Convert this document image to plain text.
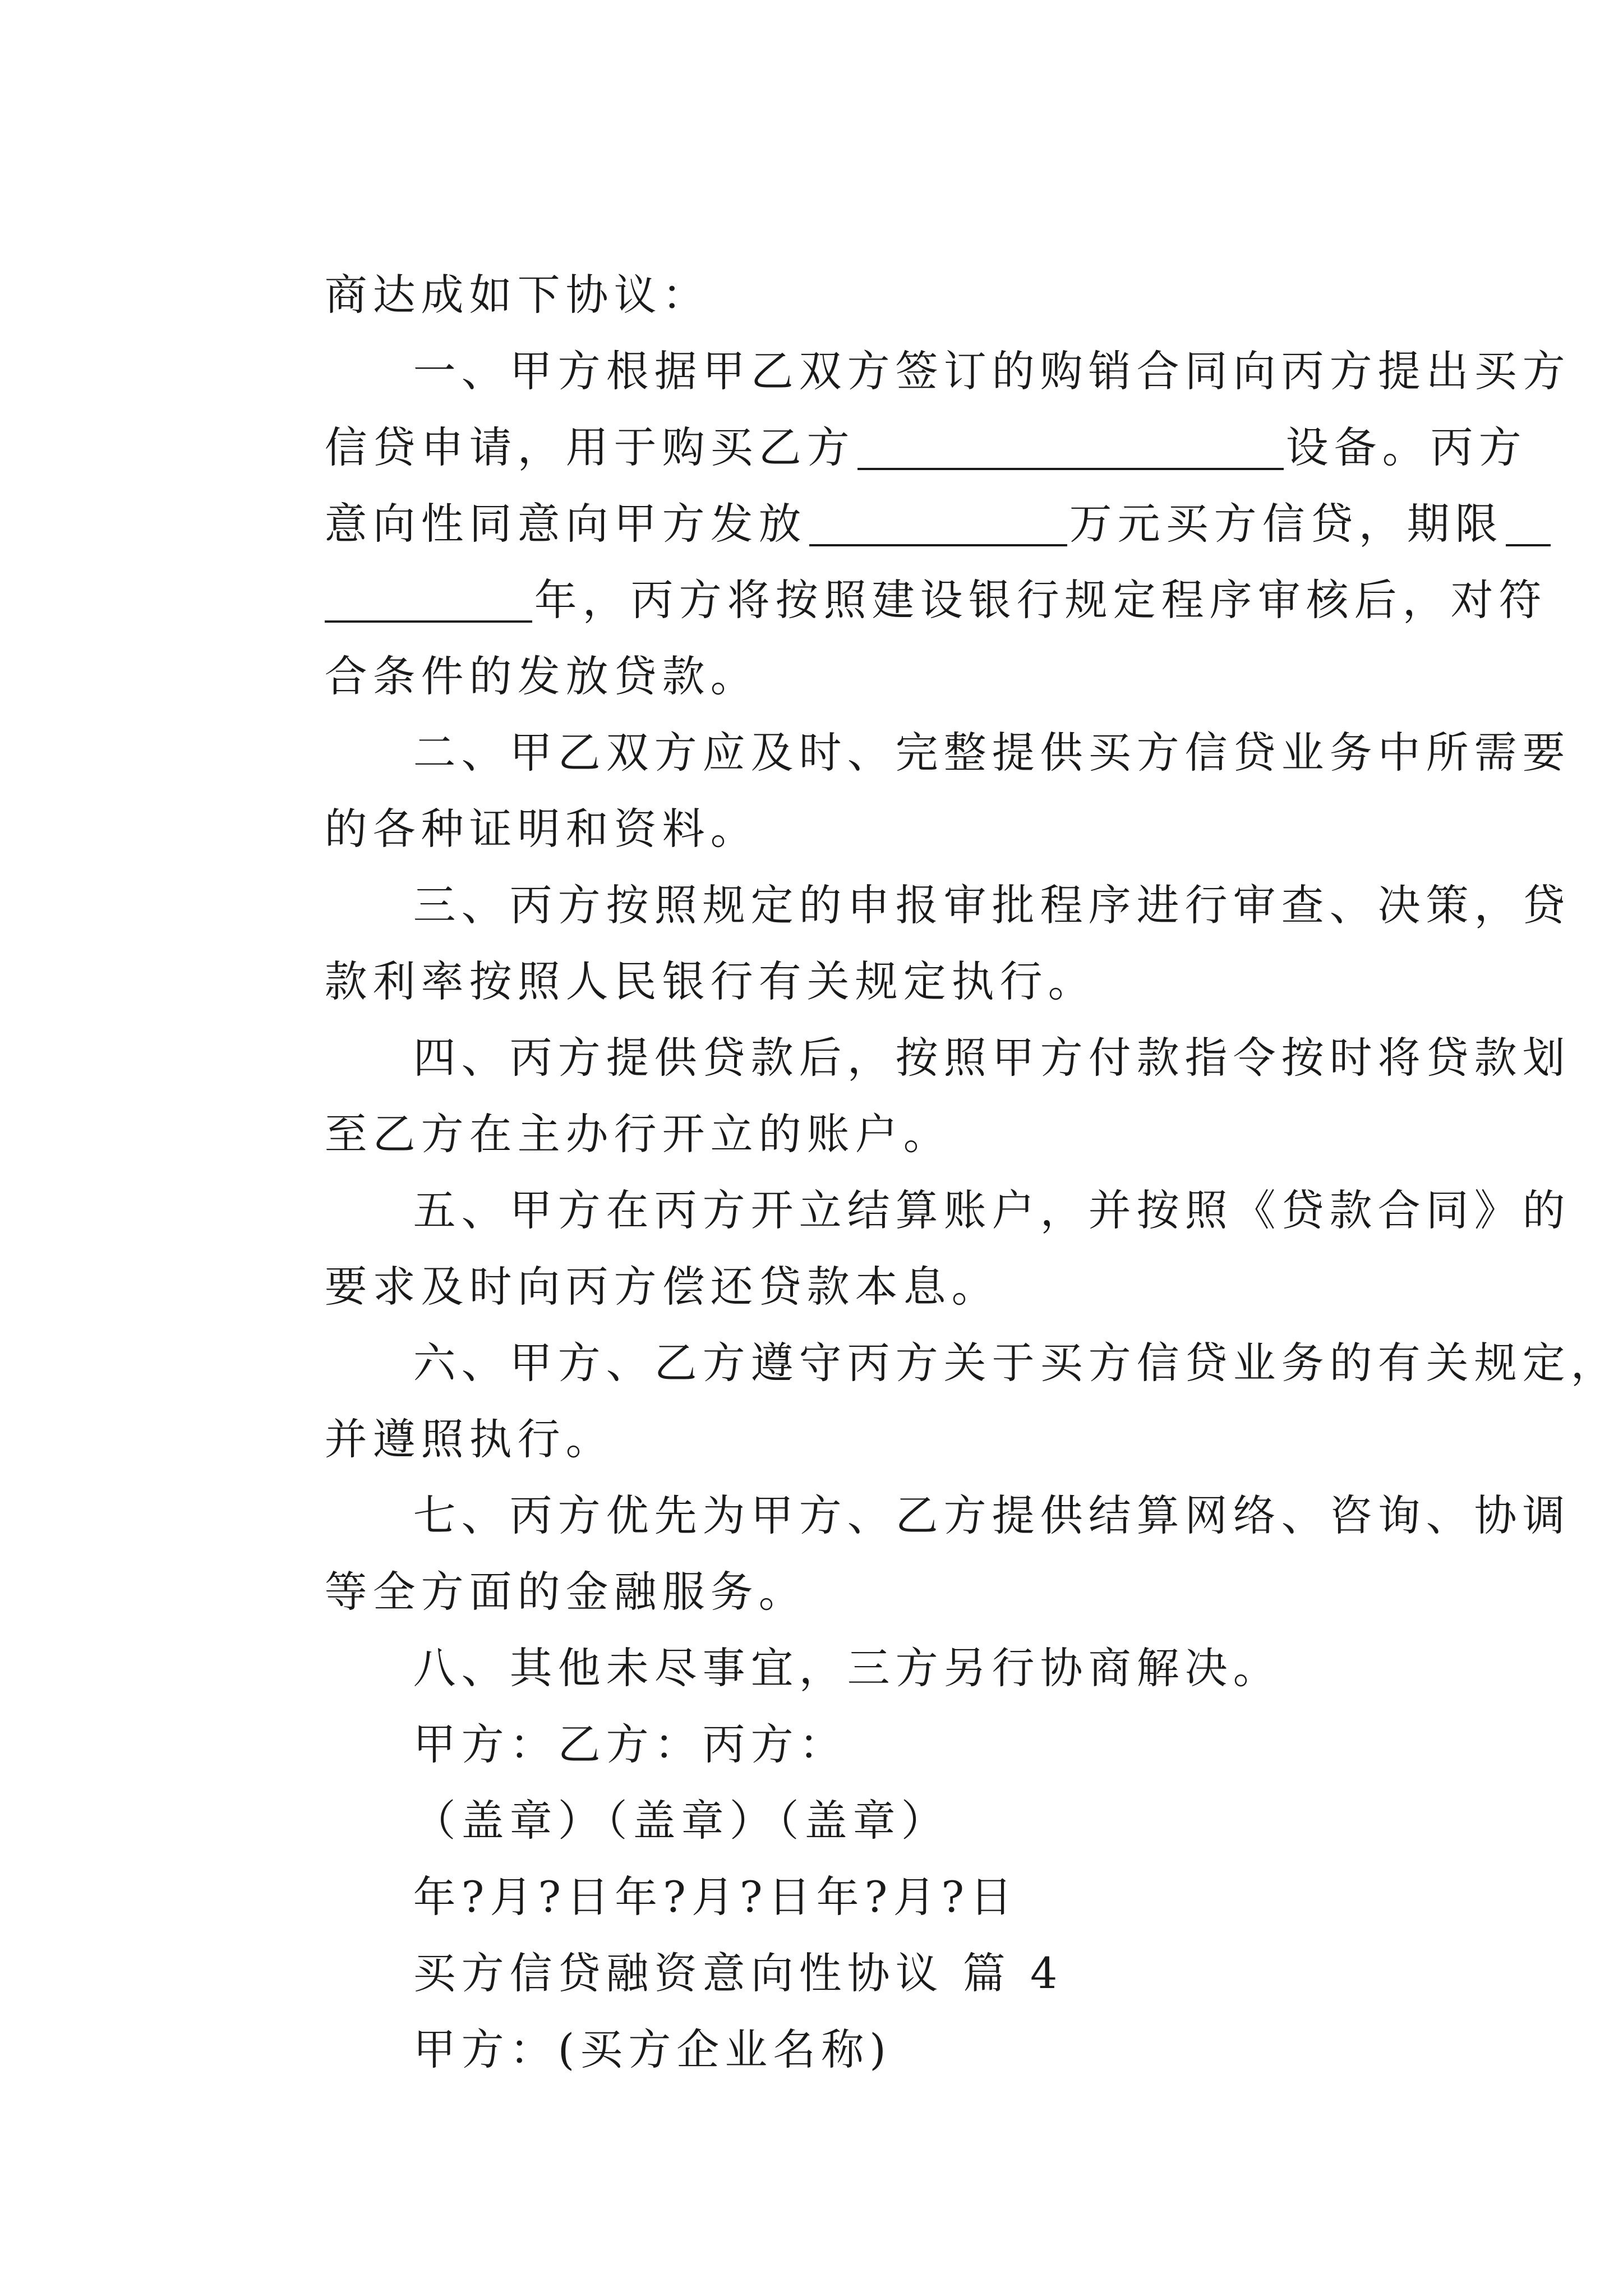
商达成如下协议：

一、甲方根据甲乙双方签订的购销合同向丙方提出买方

信贷申请，用于购买乙方	设备。丙方

意向性同意向甲方发放	万元买方信贷，期限

年，丙方将按照建设银行规定程序审核后，对符

合条件的发放贷款。

二、甲乙双方应及时、完整提供买方信贷业务中所需要

的各种证明和资料。

三、丙方按照规定的申报审批程序进行审查、决策，贷

款利率按照人民银行有关规定执行。

四、丙方提供贷款后，按照甲方付款指令按时将贷款划

至乙方在主办行开立的账户。

五、甲方在丙方开立结算账户，并按照《贷款合同》的

要求及时向丙方偿还贷款本息。

六、甲方、乙方遵守丙方关于买方信贷业务的有关规定，

并遵照执行。

七、丙方优先为甲方、乙方提供结算网络、咨询、协调

等全方面的金融服务。

八、其他未尽事宜，三方另行协商解决。

甲方：乙方：丙方：

（盖章）（盖章）（盖章）

年?月?日年?月?日年?月?日

买方信贷融资意向性协议 篇 4

甲方：(买方企业名称)
